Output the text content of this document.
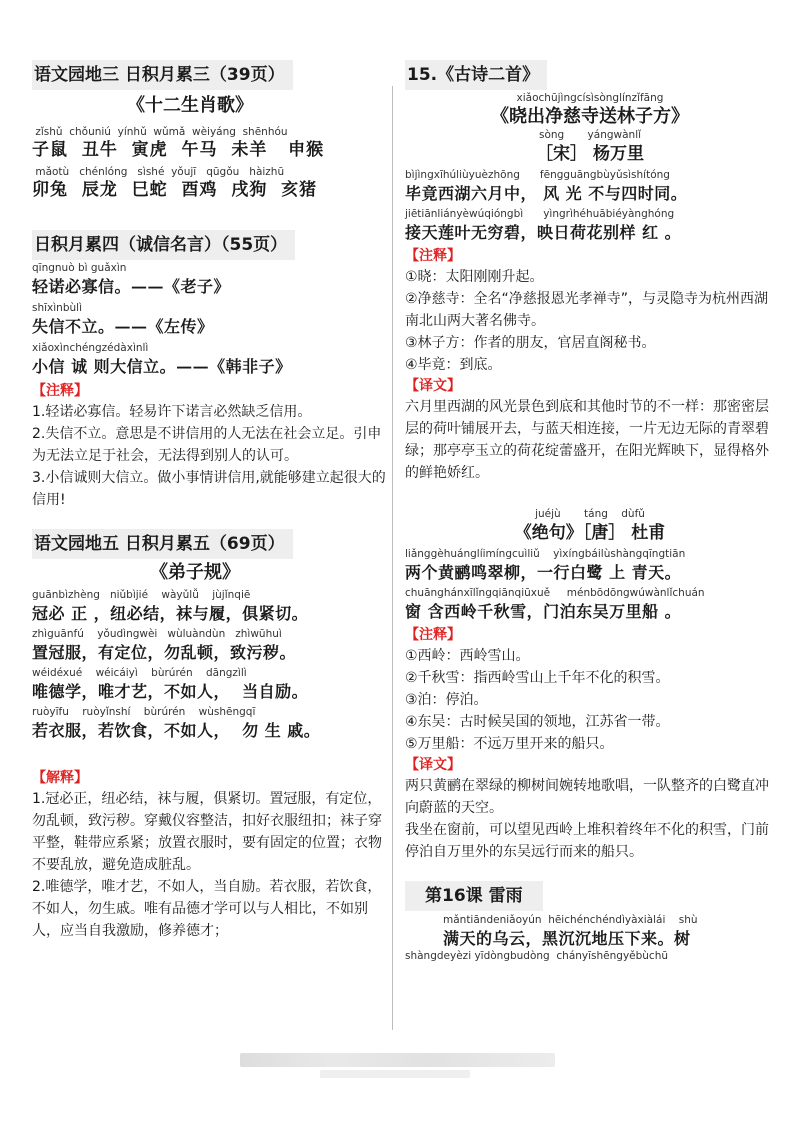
语文园地三 日积月累三（39页）
《十二生肖歌》
zǐshǔ  chǒuniú  yínhǔ  wǔmǎ  wèiyáng  shēnhóu
子鼠  丑牛  寅虎  午马  未羊   申猴
mǎotù   chénlóng   sìshé  yǒujī   qūgǒu   hàizhū
卯兔  辰龙  巳蛇  酉鸡  戌狗  亥猪
日积月累四（诚信名言）（55页）
qīngnuò bì guǎxìn
轻诺必寡信。——《老子》
shīxìnbùlì
失信不立。——《左传》
xiǎoxìnchéngzédàxìnlì
小信 诚 则大信立。——《韩非子》
【注释】
1.轻诺必寡信。轻易许下诺言必然缺乏信用。
2.失信不立。意思是不讲信用的人无法在社会立足。引申为无法立足于社会，无法得到别人的认可。
3.小信诚则大信立。做小事情讲信用,就能够建立起很大的信用!
语文园地五 日积月累五（69页）
《弟子规》
guānbìzhèng   niǔbìjié    wàyǔlǚ    jùjǐnqiē
冠必 正 ，纽必结，袜与履，俱紧切。
zhìguānfú    yǒudìngwèi   wùluàndùn   zhìwūhuì
置冠服，有定位，勿乱顿，致污秽。
wéidéxué    wéicáiyì    bùrúrén    dāngzìlì
唯德学，唯才艺，不如人，  当自励。
ruòyīfu    ruòyǐnshí    bùrúrén    wùshēngqī
若衣服，若饮食，不如人，  勿 生 戚。
【解释】
1.冠必正，纽必结，袜与履，俱紧切。置冠服，有定位，勿乱顿，致污秽。穿戴仪容整洁，扣好衣服纽扣；袜子穿平整，鞋带应系紧；放置衣服时，要有固定的位置；衣物不要乱放，避免造成脏乱。
2.唯德学，唯才艺，不如人，当自励。若衣服，若饮食，不如人，勿生戚。唯有品德才学可以与人相比，不如别人，应当自我激励，修养德才；
15.《古诗二首》
xiǎochūjìngcísìsònglínzǐfāng
《晓出净慈寺送林子方》
sòng       yángwànlǐ
［宋］ 杨万里
bìjìngxīhúliùyuèzhōng      fēngguāngbùyǔsìshítóng
毕竟西湖六月中， 风 光 不与四时同。
jiētiānliányèwúqióngbì      yìngrìhéhuābiéyànghóng
接天莲叶无穷碧，映日荷花别样 红 。
【注释】
①晓：太阳刚刚升起。
②净慈寺：全名“净慈报恩光孝禅寺”，与灵隐寺为杭州西湖南北山两大著名佛寺。
③林子方：作者的朋友，官居直阁秘书。
④毕竟：到底。
【译文】
六月里西湖的风光景色到底和其他时节的不一样：那密密层层的荷叶铺展开去，与蓝天相连接，一片无边无际的青翠碧绿；那亭亭玉立的荷花绽蕾盛开，在阳光辉映下，显得格外的鲜艳娇红。
juéjù       táng    dùfǔ
《绝句》［唐］ 杜甫
liǎnggèhuánglíimíngcuìliǔ    yìxíngbáilùshàngqīngtiān
两个黄鹂鸣翠柳，一行白鹭 上 青天。
chuānghánxīlǐngqiānqiūxuě     ménbōdōngwúwànlǐchuán
窗 含西岭千秋雪，门泊东吴万里船 。
【注释】
①西岭：西岭雪山。
②千秋雪：指西岭雪山上千年不化的积雪。
③泊：停泊。
④东吴：古时候吴国的领地，江苏省一带。
⑤万里船：不远万里开来的船只。
【译文】
两只黄鹂在翠绿的柳树间婉转地歌唱，一队整齐的白鹭直冲向蔚蓝的天空。
我坐在窗前，可以望见西岭上堆积着终年不化的积雪，门前停泊自万里外的东吴远行而来的船只。
第16课 雷雨
mǎntiāndeniǎoyún  hēichénchéndìyàxiàlái    shù
满天的乌云，黑沉沉地压下来。树
shàngdeyèzi yīdòngbudòng  chányīshēngyěbùchū
